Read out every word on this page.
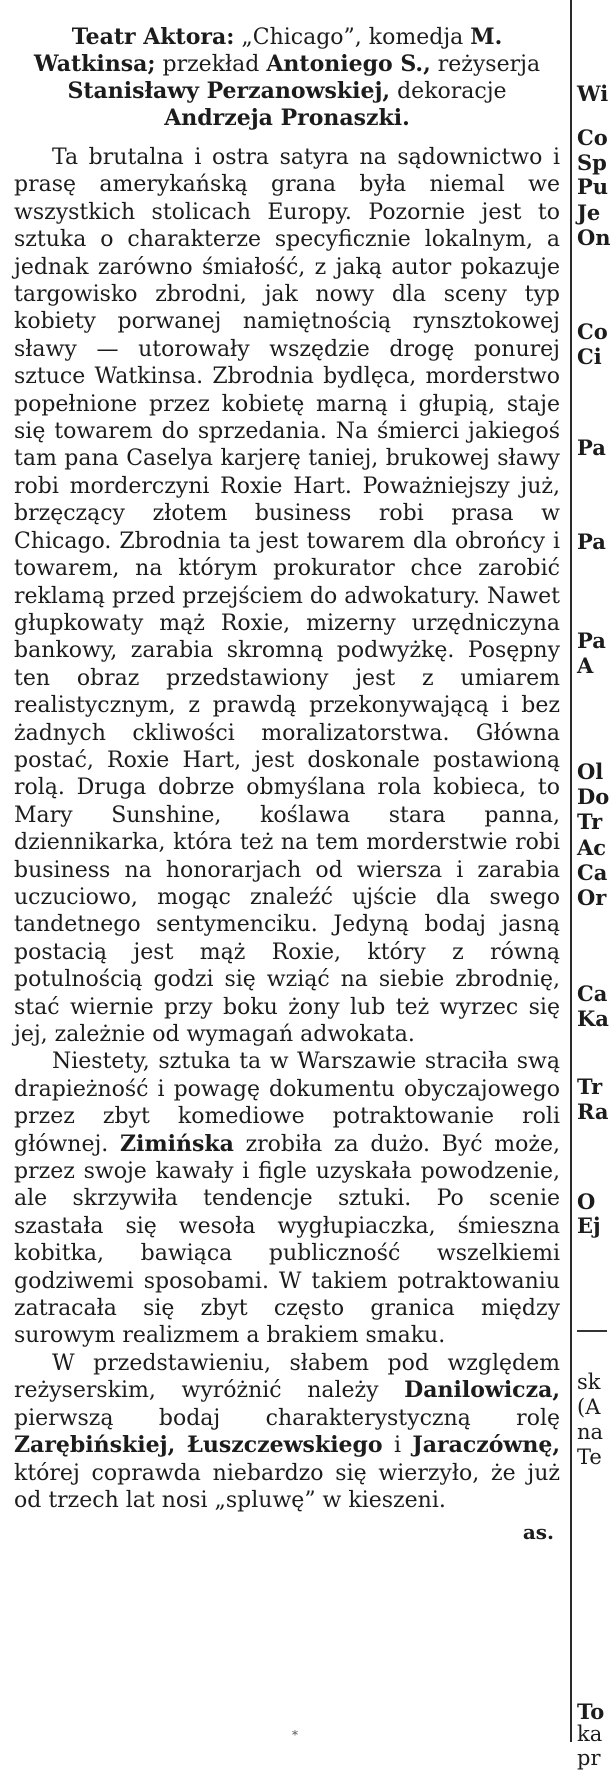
Teatr Aktora: „Chicago”, komedja M. Watkinsa; przekład Antoniego S., reżyserja Stanisławy Perzanowskiej, dekoracje Andrzeja Pronaszki.

Ta brutalna i ostra satyra na sądownictwo i prasę amerykańską grana była niemal we wszystkich stolicach Europy. Pozornie jest to sztuka o charakterze specyficznie lokalnym, a jednak zarówno śmiałość, z jaką autor pokazuje targowisko zbrodni, jak nowy dla sceny typ kobiety porwanej namiętnością rynsztokowej sławy — utorowały wszędzie drogę ponurej sztuce Watkinsa. Zbrodnia bydlęca, morderstwo popełnione przez kobietę marną i głupią, staje się towarem do sprzedania. Na śmierci jakiegoś tam pana Caselya karjerę taniej, brukowej sławy robi morderczyni Roxie Hart. Poważniejszy już, brzęczący złotem business robi prasa w Chicago. Zbrodnia ta jest towarem dla obrońcy i towarem, na którym prokurator chce zarobić reklamą przed przejściem do adwokatury. Nawet głupkowaty mąż Roxie, mizerny urzędniczyna bankowy, zarabia skromną podwyżkę. Posępny ten obraz przedstawiony jest z umiarem realistycznym, z prawdą przekonywającą i bez żadnych ckliwości moralizatorstwa. Główna postać, Roxie Hart, jest doskonale postawioną rolą. Druga dobrze obmyślana rola kobieca, to Mary Sunshine, koślawa stara panna, dziennikarka, która też na tem morderstwie robi business na honorarjach od wiersza i zarabia uczuciowo, mogąc znaleźć ujście dla swego tandetnego sentymenciku. Jedyną bodaj jasną postacią jest mąż Roxie, który z równą potulnością godzi się wziąć na siebie zbrodnię, stać wiernie przy boku żony lub też wyrzec się jej, zależnie od wymagań adwokata.

Niestety, sztuka ta w Warszawie straciła swą drapieżność i powagę dokumentu obyczajowego przez zbyt komediowe potraktowanie roli głównej. Zimińska zrobiła za dużo. Być może, przez swoje kawały i figle uzyskała powodzenie, ale skrzywiła tendencje sztuki. Po scenie szastała się wesoła wygłupiaczka, śmieszna kobitka, bawiąca publiczność wszelkiemi godziwemi sposobami. W takiem potraktowaniu zatracała się zbyt często granica między surowym realizmem a brakiem smaku.

W przedstawieniu, słabem pod względem reżyserskim, wyróżnić należy Danilowicza, pierwszą bodaj charakterystyczną rolę Zarębińskiej, Łuszczewskiego i Jaraczównę, której coprawda niebardzo się wierzyło, że już od trzech lat nosi „spluwę” w kieszeni.

as.
*
Wi
Co
Sp
Pu
Je
On
Co
Ci
Pa
Pa
Pa
A
Ol
Do
Tr
Ac
Ca
Or
Ca
Ka
Tr
Ra
O
Ej
sk
(A
na
Te
To
ka
pr
